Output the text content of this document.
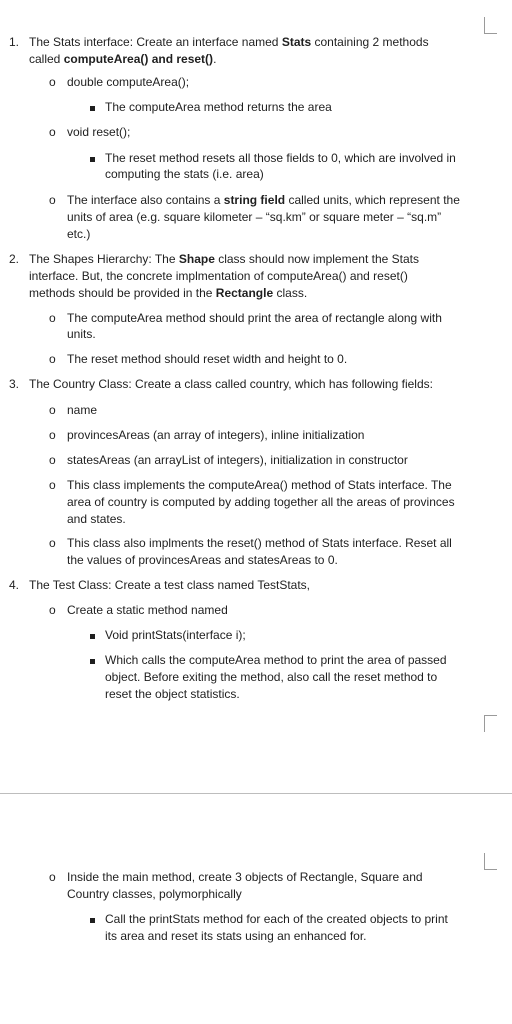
1. The Stats interface: Create an interface named Stats containing 2 methods
called computeArea() and reset().
o double computeArea();
The computeArea method returns the area
o void reset();
The reset method resets all those fields to 0, which are involved in
computing the stats (i.e. area)
o The interface also contains a string field called units, which represent the
units of area (e.g. square kilometer – “sq.km” or square meter – “sq.m”
etc.)
2. The Shapes Hierarchy: The Shape class should now implement the Stats
interface. But, the concrete implmentation of computeArea() and reset()
methods should be provided in the Rectangle class.
o The computeArea method should print the area of rectangle along with
units.
o The reset method should reset width and height to 0.
3. The Country Class: Create a class called country, which has following fields:
o name
o provincesAreas (an array of integers), inline initialization
o statesAreas (an arrayList of integers), initialization in constructor
o This class implements the computeArea() method of Stats interface. The
area of country is computed by adding together all the areas of provinces
and states.
o This class also implments the reset() method of Stats interface. Reset all
the values of provincesAreas and statesAreas to 0.
4. The Test Class: Create a test class named TestStats,
o Create a static method named
Void printStats(interface i);
Which calls the computeArea method to print the area of passed
object. Before exiting the method, also call the reset method to
reset the object statistics.
o Inside the main method, create 3 objects of Rectangle, Square and
Country classes, polymorphically
Call the printStats method for each of the created objects to print
its area and reset its stats using an enhanced for.
